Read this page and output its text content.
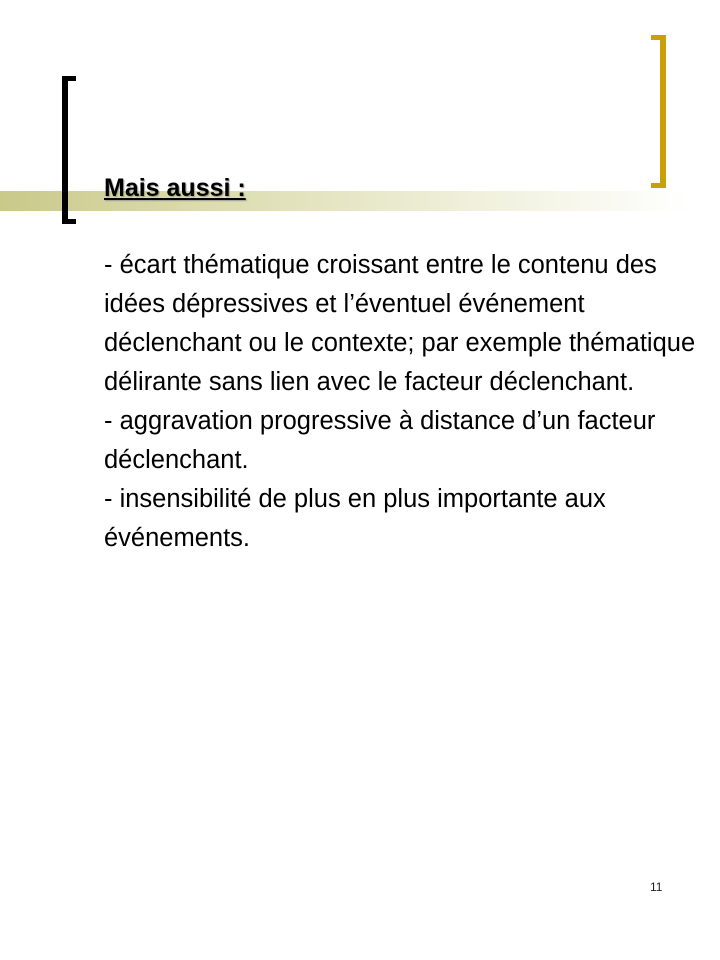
Mais aussi :

- écart thématique croissant entre le contenu des idées dépressives et l’éventuel événement déclenchant ou le contexte; par exemple thématique délirante sans lien avec le facteur déclenchant.

- aggravation progressive à distance d’un facteur déclenchant.

- insensibilité de plus en plus importante aux événements.

11
